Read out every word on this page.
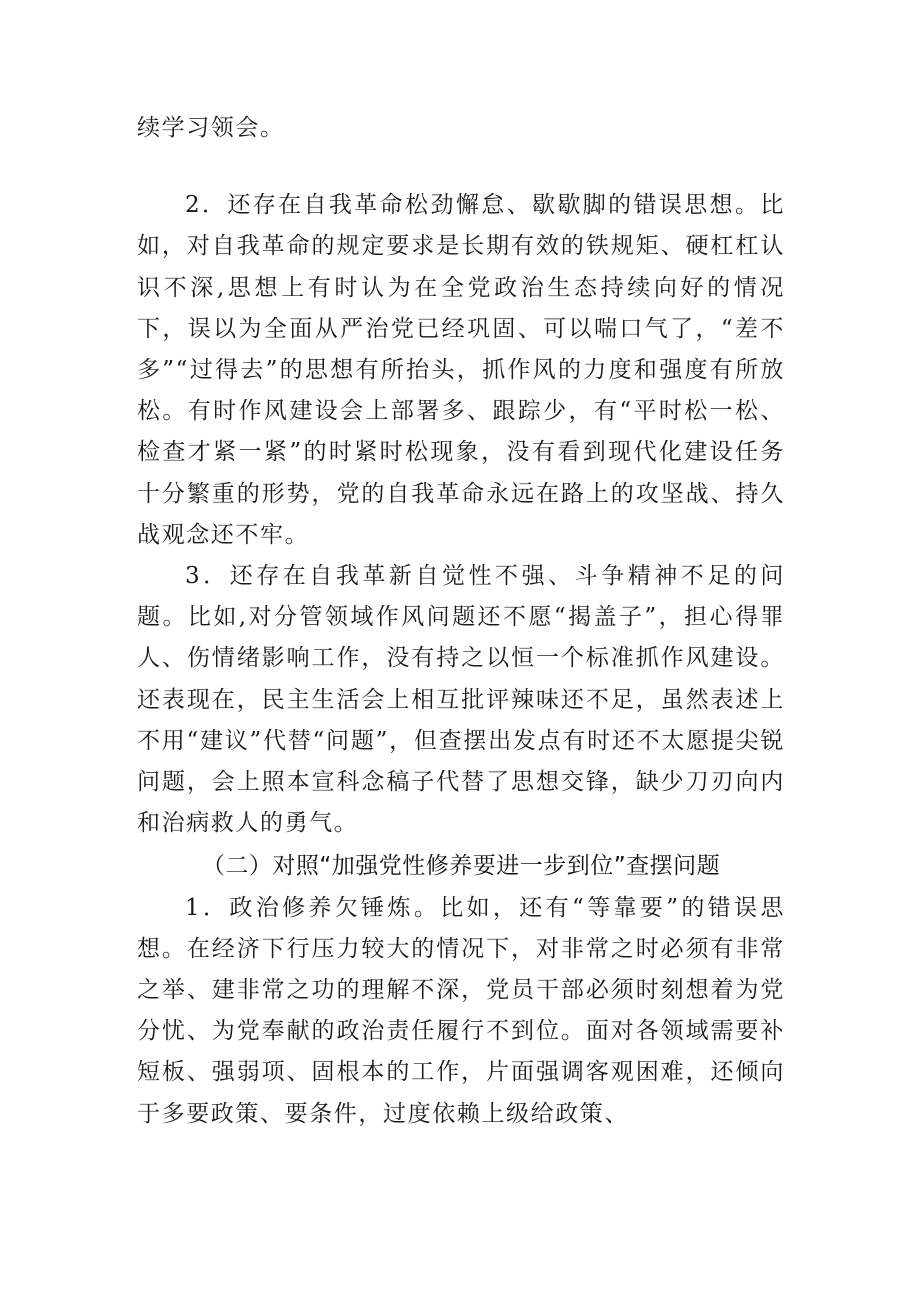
续学习领会。

2．还存在自我革命松劲懈怠、歇歇脚的错误思想。比如，对自我革命的规定要求是长期有效的铁规矩、硬杠杠认识不深,思想上有时认为在全党政治生态持续向好的情况下，误以为全面从严治党已经巩固、可以喘口气了，“差不多”“过得去”的思想有所抬头，抓作风的力度和强度有所放松。有时作风建设会上部署多、跟踪少，有“平时松一松、检查才紧一紧”的时紧时松现象，没有看到现代化建设任务十分繁重的形势，党的自我革命永远在路上的攻坚战、持久战观念还不牢。

3．还存在自我革新自觉性不强、斗争精神不足的问题。比如,对分管领域作风问题还不愿“揭盖子”，担心得罪人、伤情绪影响工作，没有持之以恒一个标准抓作风建设。还表现在，民主生活会上相互批评辣味还不足，虽然表述上不用“建议”代替“问题”，但查摆出发点有时还不太愿提尖锐问题，会上照本宣科念稿子代替了思想交锋，缺少刀刃向内和治病救人的勇气。

（二）对照“加强党性修养要进一步到位”查摆问题

1．政治修养欠锤炼。比如，还有“等靠要”的错误思想。在经济下行压力较大的情况下，对非常之时必须有非常之举、建非常之功的理解不深，党员干部必须时刻想着为党分忧、为党奉献的政治责任履行不到位。面对各领域需要补短板、强弱项、固根本的工作，片面强调客观困难，还倾向于多要政策、要条件，过度依赖上级给政策、
